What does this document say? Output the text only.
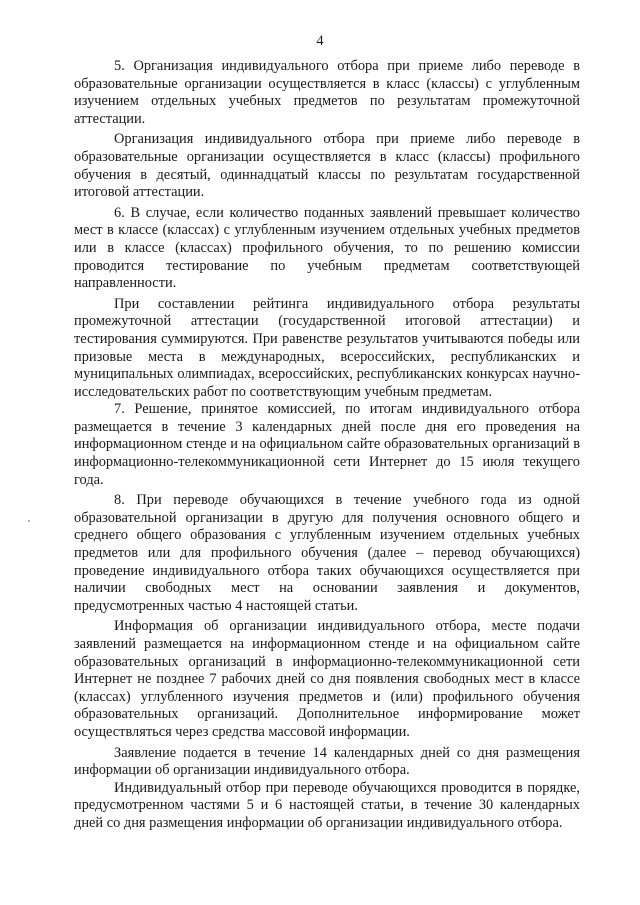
4

5. Организация индивидуального отбора при приеме либо переводе в образовательные организации осуществляется в класс (классы) с углубленным изучением отдельных учебных предметов по результатам промежуточной аттестации.

Организация индивидуального отбора при приеме либо переводе в образовательные организации осуществляется в класс (классы) профильного обучения в десятый, одиннадцатый классы по результатам государственной итоговой аттестации.

6. В случае, если количество поданных заявлений превышает количество мест в классе (классах) с углубленным изучением отдельных учебных предметов или в классе (классах) профильного обучения, то по решению комиссии проводится тестирование по учебным предметам соответствующей направленности.

При составлении рейтинга индивидуального отбора результаты промежуточной аттестации (государственной итоговой аттестации) и тестирования суммируются. При равенстве результатов учитываются победы или призовые места в международных, всероссийских, республиканских и муниципальных олимпиадах, всероссийских, республиканских конкурсах научно-исследовательских работ по соответствующим учебным предметам.

7. Решение, принятое комиссией, по итогам индивидуального отбора размещается в течение 3 календарных дней после дня его проведения на информационном стенде и на официальном сайте образовательных организаций в информационно-телекоммуникационной сети Интернет до 15 июля текущего года.

8. При переводе обучающихся в течение учебного года из одной образовательной организации в другую для получения основного общего и среднего общего образования с углубленным изучением отдельных учебных предметов или для профильного обучения (далее – перевод обучающихся) проведение индивидуального отбора таких обучающихся осуществляется при наличии свободных мест на основании заявления и документов, предусмотренных частью 4 настоящей статьи.

Информация об организации индивидуального отбора, месте подачи заявлений размещается на информационном стенде и на официальном сайте образовательных организаций в информационно-телекоммуникационной сети Интернет не позднее 7 рабочих дней со дня появления свободных мест в классе (классах) углубленного изучения предметов и (или) профильного обучения образовательных организаций. Дополнительное информирование может осуществляться через средства массовой информации.

Заявление подается в течение 14 календарных дней со дня размещения информации об организации индивидуального отбора.

Индивидуальный отбор при переводе обучающихся проводится в порядке, предусмотренном частями 5 и 6 настоящей статьи, в течение 30 календарных дней со дня размещения информации об организации индивидуального отбора.
